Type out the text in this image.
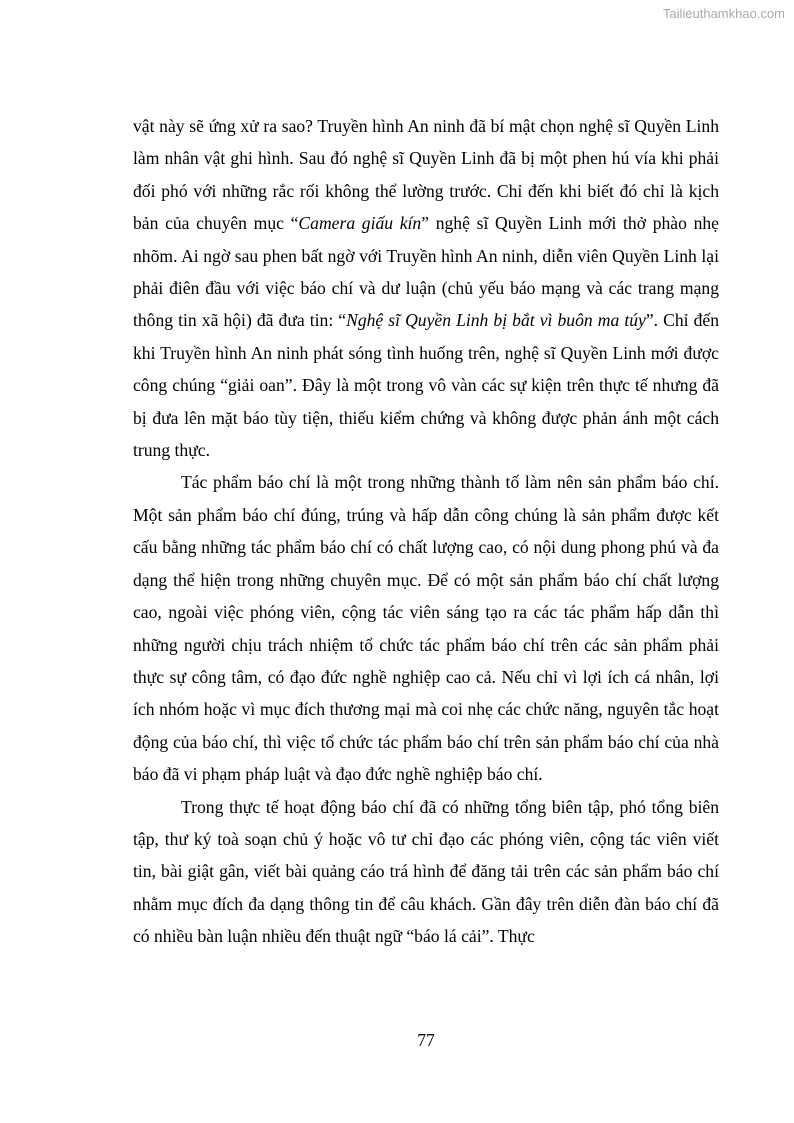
Tailieuthamkhao.com

vật này sẽ ứng xử ra sao? Truyền hình An ninh đã bí mật chọn nghệ sĩ Quyền Linh làm nhân vật ghi hình. Sau đó nghệ sĩ Quyền Linh đã bị một phen hú vía khi phải đối phó với những rắc rối không thể lường trước. Chỉ đến khi biết đó chỉ là kịch bản của chuyên mục “Camera giấu kín” nghệ sĩ Quyền Linh mới thở phào nhẹ nhõm. Ai ngờ sau phen bất ngờ với Truyền hình An ninh, diễn viên Quyền Linh lại phải điên đầu với việc báo chí và dư luận (chủ yếu báo mạng và các trang mạng thông tin xã hội) đã đưa tin: “Nghệ sĩ Quyền Linh bị bắt vì buôn ma túy”. Chỉ đến khi Truyền hình An ninh phát sóng tình huống trên, nghệ sĩ Quyền Linh mới được công chúng “giải oan”. Đây là một trong vô vàn các sự kiện trên thực tế nhưng đã bị đưa lên mặt báo tùy tiện, thiếu kiểm chứng và không được phản ánh một cách trung thực.

Tác phẩm báo chí là một trong những thành tố làm nên sản phẩm báo chí. Một sản phẩm báo chí đúng, trúng và hấp dẫn công chúng là sản phẩm được kết cấu bằng những tác phẩm báo chí có chất lượng cao, có nội dung phong phú và đa dạng thể hiện trong những chuyên mục. Để có một sản phẩm báo chí chất lượng cao, ngoài việc phóng viên, cộng tác viên sáng tạo ra các tác phẩm hấp dẫn thì những người chịu trách nhiệm tổ chức tác phẩm báo chí trên các sản phẩm phải thực sự công tâm, có đạo đức nghề nghiệp cao cả. Nếu chỉ vì lợi ích cá nhân, lợi ích nhóm hoặc vì mục đích thương mại mà coi nhẹ các chức năng, nguyên tắc hoạt động của báo chí, thì việc tổ chức tác phẩm báo chí trên sản phẩm báo chí của nhà báo đã vi phạm pháp luật và đạo đức nghề nghiệp báo chí.

Trong thực tế hoạt động báo chí đã có những tổng biên tập, phó tổng biên tập, thư ký toà soạn chủ ý hoặc vô tư chỉ đạo các phóng viên, cộng tác viên viết tin, bài giật gân, viết bài quảng cáo trá hình để đăng tải trên các sản phẩm báo chí nhằm mục đích đa dạng thông tin để câu khách. Gần đây trên diễn đàn báo chí đã có nhiều bàn luận nhiều đến thuật ngữ “báo lá cải”. Thực

77
